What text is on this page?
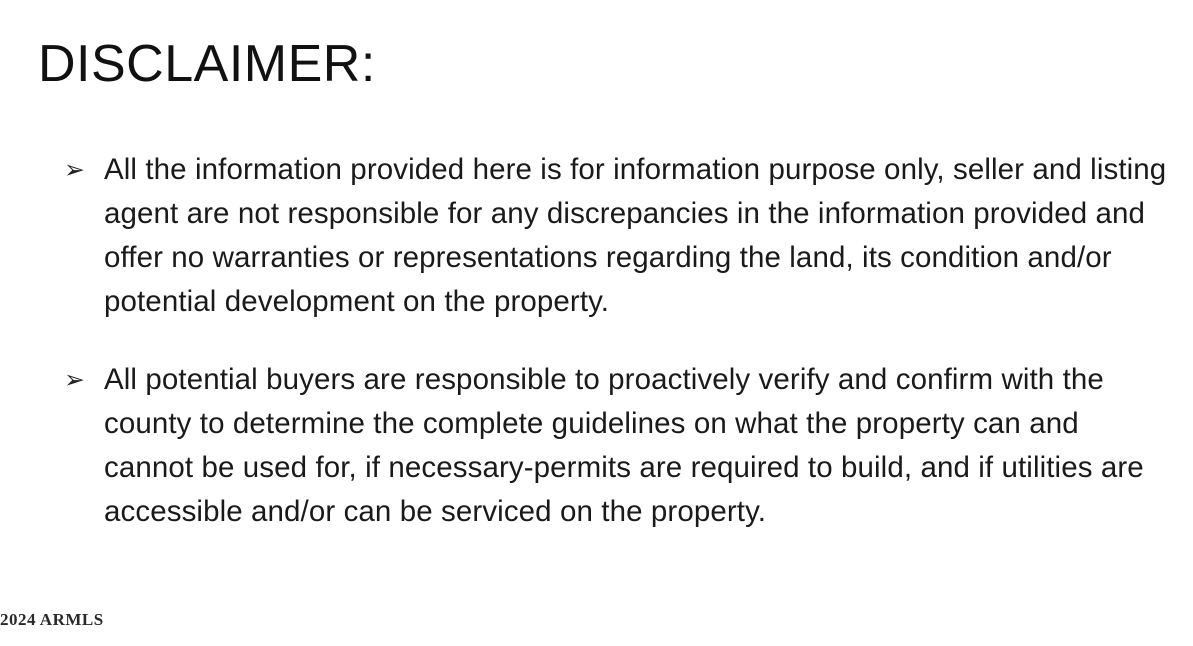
DISCLAIMER:
➢ All the information provided here is for information purpose only, seller and listing agent are not responsible for any discrepancies in the information provided and offer no warranties or representations regarding the land, its condition and/or potential development on the property.
➢ All potential buyers are responsible to proactively verify and confirm with the county to determine the complete guidelines on what the property can and cannot be used for, if necessary-permits are required to build, and if utilities are accessible and/or can be serviced on the property.
2024 ARMLS
